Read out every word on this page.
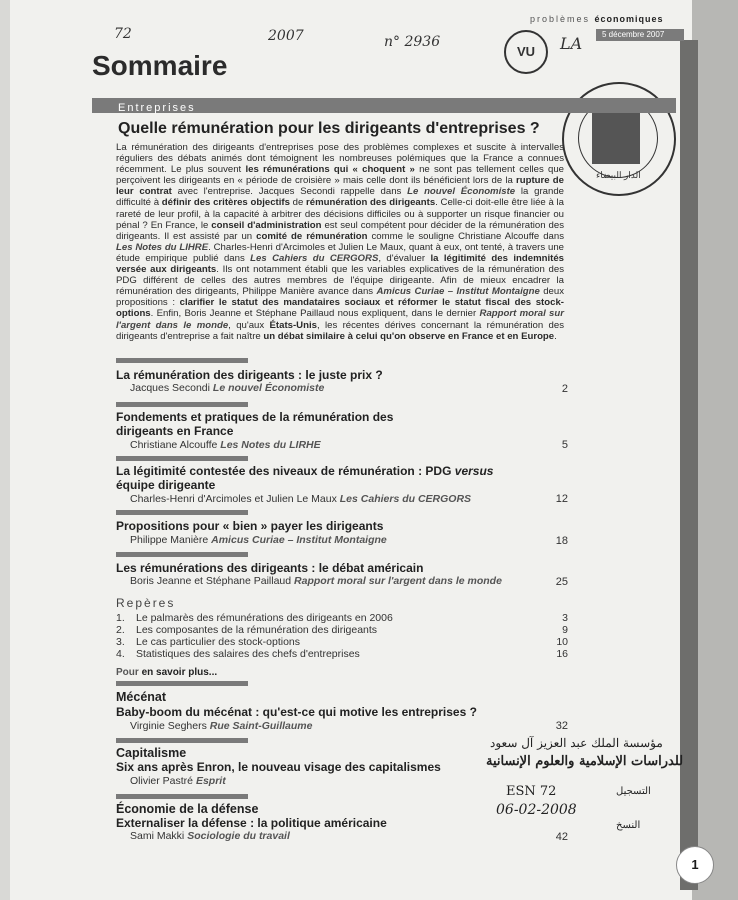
problèmes économiques
5 décembre 2007
72	2007	n° 2936	LA
VU
Sommaire
الدار البيضاء
Entreprises
Quelle rémunération pour les dirigeants d'entreprises ?
La rémunération des dirigeants d'entreprises pose des problèmes complexes et suscite à intervalles réguliers des débats animés dont témoignent les nombreuses polémiques que la France a connues récemment. Le plus souvent les rémunérations qui « choquent » ne sont pas tellement celles que perçoivent les dirigeants en « période de croisière » mais celle dont ils bénéficient lors de la rupture de leur contrat avec l'entreprise. Jacques Secondi rappelle dans Le nouvel Économiste la grande difficulté à définir des critères objectifs de rémunération des dirigeants. Celle-ci doit-elle être liée à la rareté de leur profil, à la capacité à arbitrer des décisions difficiles ou à supporter un risque financier ou pénal ? En France, le conseil d'administration est seul compétent pour décider de la rémunération des dirigeants. Il est assisté par un comité de rémunération comme le souligne Christiane Alcouffe dans Les Notes du LIHRE. Charles-Henri d'Arcimoles et Julien Le Maux, quant à eux, ont tenté, à travers une étude empirique publié dans Les Cahiers du CERGORS, d'évaluer la légitimité des indemnités versée aux dirigeants. Ils ont notamment établi que les variables explicatives de la rémunération des PDG différent de celles des autres membres de l'équipe dirigeante. Afin de mieux encadrer la rémunération des dirigeants, Philippe Manière avance dans Amicus Curiae – Institut Montaigne deux propositions : clarifier le statut des mandataires sociaux et réformer le statut fiscal des stock-options. Enfin, Boris Jeanne et Stéphane Paillaud nous expliquent, dans le dernier Rapport moral sur l'argent dans le monde, qu'aux États-Unis, les récentes dérives concernant la rémunération des dirigeants d'entreprise a fait naître un débat similaire à celui qu'on observe en France et en Europe.
La rémunération des dirigeants : le juste prix ?
Jacques Secondi Le nouvel Économiste	2
Fondements et pratiques de la rémunération des dirigeants en France
Christiane Alcouffe Les Notes du LIRHE	5
La légitimité contestée des niveaux de rémunération : PDG versus équipe dirigeante
Charles-Henri d'Arcimoles et Julien Le Maux Les Cahiers du CERGORS	12
Propositions pour « bien » payer les dirigeants
Philippe Manière Amicus Curiae – Institut Montaigne	18
Les rémunérations des dirigeants : le débat américain
Boris Jeanne et Stéphane Paillaud Rapport moral sur l'argent dans le monde	25
Repères
1. Le palmarès des rémunérations des dirigeants en 2006	3
2. Les composantes de la rémunération des dirigeants	9
3. Le cas particulier des stock-options	10
4. Statistiques des salaires des chefs d'entreprises	16
Pour en savoir plus...
Mécénat
Baby-boom du mécénat : qu'est-ce qui motive les entreprises ?
Virginie Seghers Rue Saint-Guillaume	32
Capitalisme
Six ans après Enron, le nouveau visage des capitalismes
Olivier Pastré Esprit
Économie de la défense
Externaliser la défense : la politique américaine
Sami Makki Sociologie du travail	42
مؤسسة الملك عبد العزيز آل سعود
للدراسات الإسلامية والعلوم الإنسانية
ESN 72
06-02-2008
التسجيل
النسخ
1
